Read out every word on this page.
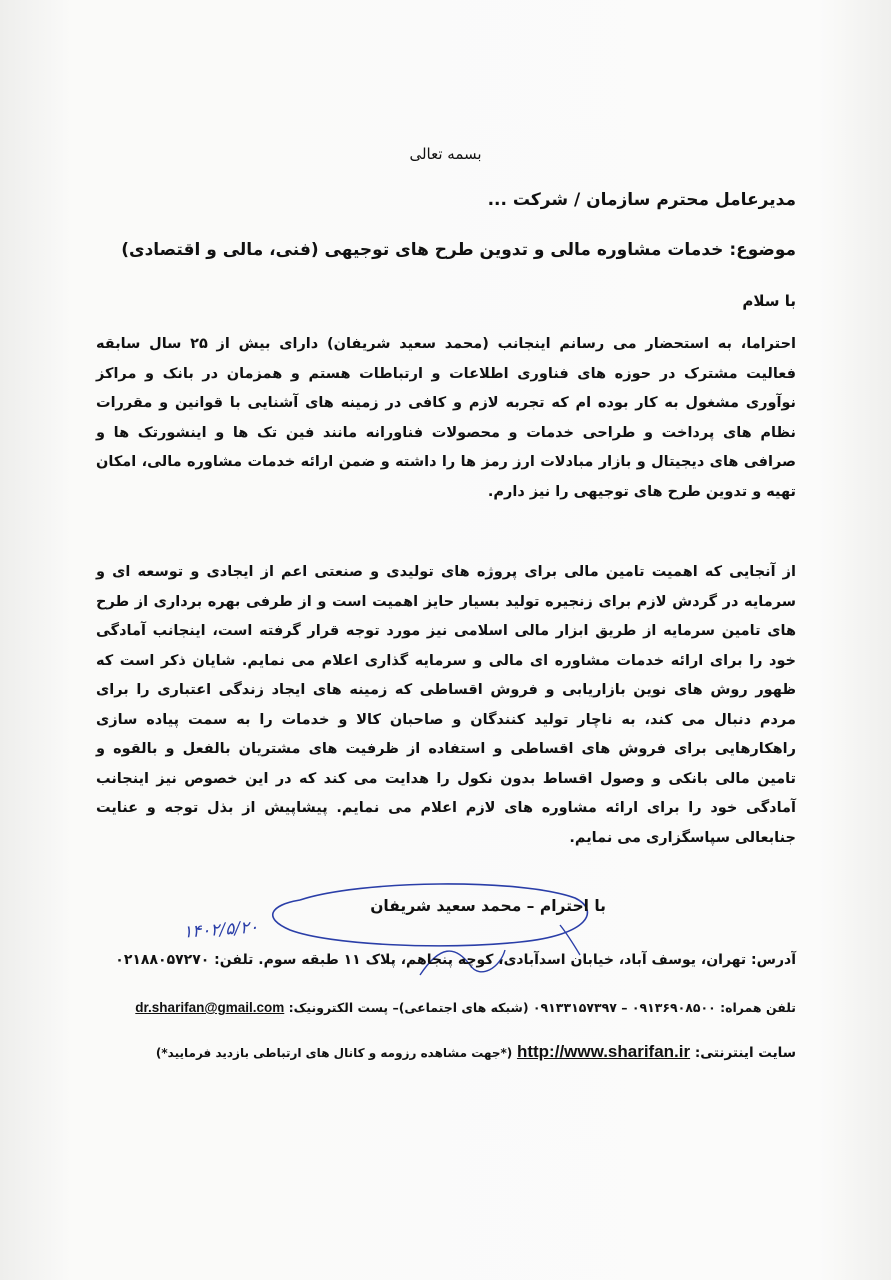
بسمه تعالی
مدیرعامل محترم سازمان / شرکت ...
موضوع: خدمات مشاوره مالی و تدوین طرح های توجیهی (فنی، مالی و اقتصادی)
با سلام
احتراما، به استحضار می رسانم اینجانب (محمد سعید شریفان) دارای بیش از ۲۵ سال سابقه فعالیت مشترک در حوزه های فناوری اطلاعات و ارتباطات هستم و همزمان در بانک و مراکز نوآوری مشغول به کار بوده ام که تجربه لازم و کافی در زمینه های آشنایی با قوانین و مقررات نظام های پرداخت و طراحی خدمات و محصولات فناورانه مانند فین تک ها و اینشورتک ها و صرافی های دیجیتال و بازار مبادلات ارز رمز ها را داشته و ضمن ارائه خدمات مشاوره مالی، امکان تهیه و تدوین طرح های توجیهی را نیز دارم.
از آنجایی که اهمیت تامین مالی برای پروژه های تولیدی و صنعتی اعم از ایجادی و توسعه ای و سرمایه در گردش لازم برای زنجیره تولید بسیار حایز اهمیت است و از طرفی بهره برداری از طرح های تامین سرمایه از طریق ابزار مالی اسلامی نیز مورد توجه قرار گرفته است، اینجانب آمادگی خود را برای ارائه خدمات مشاوره ای مالی و سرمایه گذاری اعلام می نمایم. شایان ذکر است که ظهور روش های نوین بازاریابی و فروش اقساطی که زمینه های ایجاد زندگی اعتباری را برای مردم دنبال می کند، به ناچار تولید کنندگان و صاحبان کالا و خدمات را به سمت پیاده سازی راهکارهایی برای فروش های اقساطی و استفاده از ظرفیت های مشتریان بالفعل و بالقوه و تامین مالی بانکی و وصول اقساط بدون نکول را هدایت می کند که در این خصوص نیز اینجانب آمادگی خود را برای ارائه مشاوره های لازم اعلام می نمایم. پیشاپیش از بذل توجه و عنایت جنابعالی سپاسگزاری می نمایم.
با احترام – محمد سعید شریفان
۱۴۰۲/۵/۲۰
آدرس: تهران، یوسف آباد، خیابان اسدآبادی، کوچه پنجاهم، پلاک ۱۱ طبقه سوم. تلفن: ۰۲۱۸۸۰۵۷۲۷۰
تلفن همراه: ۰۹۱۳۶۹۰۸۵۰۰ – ۰۹۱۳۳۱۵۷۳۹۷ (شبکه های اجتماعی)– پست الکترونیک: dr.sharifan@gmail.com
سایت اینترنتی: http://www.sharifan.ir (*جهت مشاهده رزومه و کانال های ارتباطی بازدید فرمایید*)
